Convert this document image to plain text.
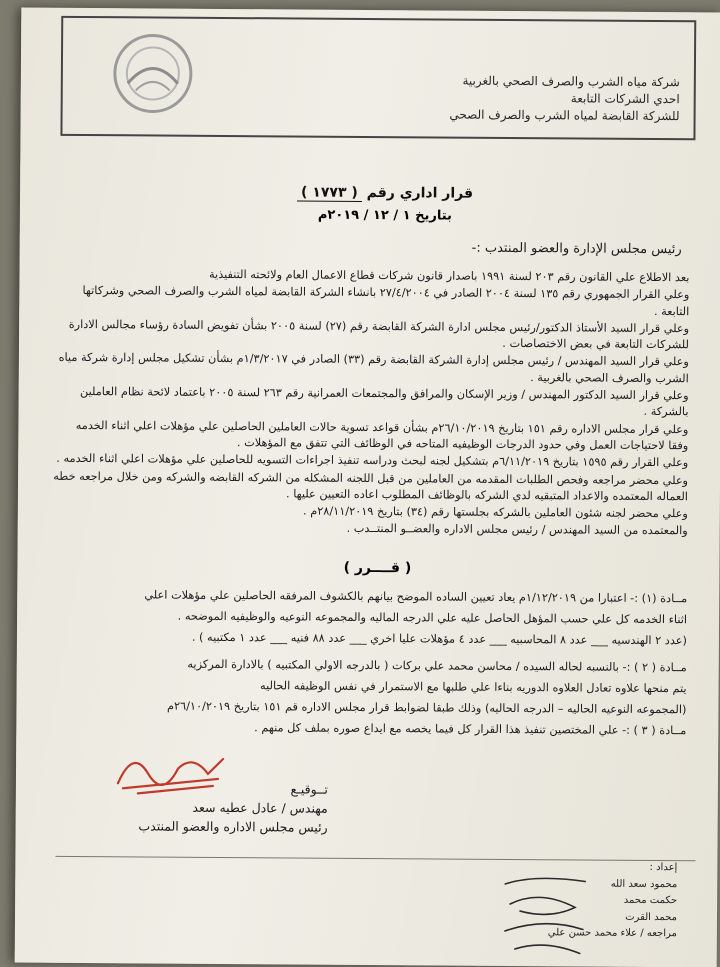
شركة مياه الشرب والصرف الصحي بالغربية
احدي الشركات التابعة
للشركة القابضة لمياه الشرب والصرف الصحي
قرار اداري رقم ( ١٧٧٣ )
بتاريخ ١ / ١٢ / ٢٠١٩م
رئيس مجلس الإدارة والعضو المنتدب :-

بعد الاطلاع علي القانون رقم ٢٠٣ لسنة ١٩٩١ باصدار قانون شركات قطاع الاعمال العام ولائحته التنفيذية

وعلي القرار الجمهوري رقم ١٣٥ لسنة ٢٠٠٤ الصادر في ٢٧/٤/٢٠٠٤ بانشاء الشركة القابضة لمياه الشرب والصرف الصحي وشركاتها التابعة .

وعلي قرار السيد الأستاذ الدكتور/رئيس مجلس ادارة الشركة القابضة رقم (٢٧) لسنة ٢٠٠٥ بشأن تفويض السادة رؤساء مجالس الادارة للشركات التابعة في بعض الاختصاصات .

وعلي قرار السيد المهندس / رئيس مجلس إدارة الشركة القابضة رقم (٣٣) الصادر في ١/٣/٢٠١٧م بشأن تشكيل مجلس إدارة شركة مياه الشرب والصرف الصحي بالغربية .

وعلي قرار السيد الدكتور المهندس / وزير الإسكان والمرافق والمجتمعات العمرانية رقم ٢٦٣ لسنة ٢٠٠٥ باعتماد لائحة نظام العاملين بالشركة .

وعلي قرار مجلس الاداره رقم ١٥١ بتاريخ ٢٦/١٠/٢٠١٩م بشأن قواعد تسوية حالات العاملين الحاصلين علي مؤهلات اعلي اثناء الخدمه وفقا لاحتياجات العمل وفي حدود الدرجات الوظيفيه المتاحه في الوظائف التي تتفق مع المؤهلات .

وعلي القرار رقم ١٥٩٥ بتاريخ ٦/١١/٢٠١٩م بتشكيل لجنه لبحث ودراسه تنفيذ اجراءات التسويه للحاصلين علي مؤهلات اعلي اثناء الخدمه .

وعلي محضر مراجعه وفحص الطلبات المقدمه من العاملين من قبل اللجنه المشكله من الشركه القابضه والشركه ومن خلال مراجعه خطه العماله المعتمده والاعداد المتبقيه لدي الشركه بالوظائف المطلوب اعاده التعيين عليها .

وعلي محضر لجنه شئون العاملين بالشركه بجلستها رقم (٣٤) بتاريخ ٢٨/١١/٢٠١٩م .

والمعتمده من السيد المهندس / رئيس مجلس الاداره والعضــو المنتــدب .

( قــــرر )

مــادة (١) :- اعتبارا من ١/١٢/٢٠١٩م يعاد تعيين الساده الموضح بيانهم بالكشوف المرفقه الحاصلين علي مؤهلات اعلي

اثناء الخدمه كل علي حسب المؤهل الحاصل عليه علي الدرجه الماليه والمجموعه النوعيه والوظيفيه الموضحه .

(عدد ٢ الهندسيه ___ عدد ٨ المحاسبيه ___ عدد ٤ مؤهلات عليا اخري ___ عدد ٨٨ فنيه ___ عدد ١ مكتبيه ) .

مــادة ( ٢ ) :- بالنسبه لحاله السيده / محاسن محمد علي بركات ( بالدرجه الاولي المكتبيه ) بالادارة المركزيه

يتم منحها علاوه تعادل العلاوه الدوريه بناءا علي طلبها مع الاستمرار في نفس الوظيفه الحاليه

(المجموعه النوعيه الحاليه – الدرجه الحاليه) وذلك طبقا لضوابط قرار مجلس الاداره قم ١٥١ بتاريخ ٢٦/١٠/٢٠١٩م

مــادة ( ٣ ) :- علي المختصين تنفيذ هذا القرار كل فيما يخصه مع ايداع صوره بملف كل منهم .

تــوقيـع
مهندس / عادل عطيه سعد
رئيس مجلس الاداره والعضو المنتدب
إعداد :
محمود سعد الله
حكمت محمد
محمد القرت
مراجعه / علاء محمد حسن علي
